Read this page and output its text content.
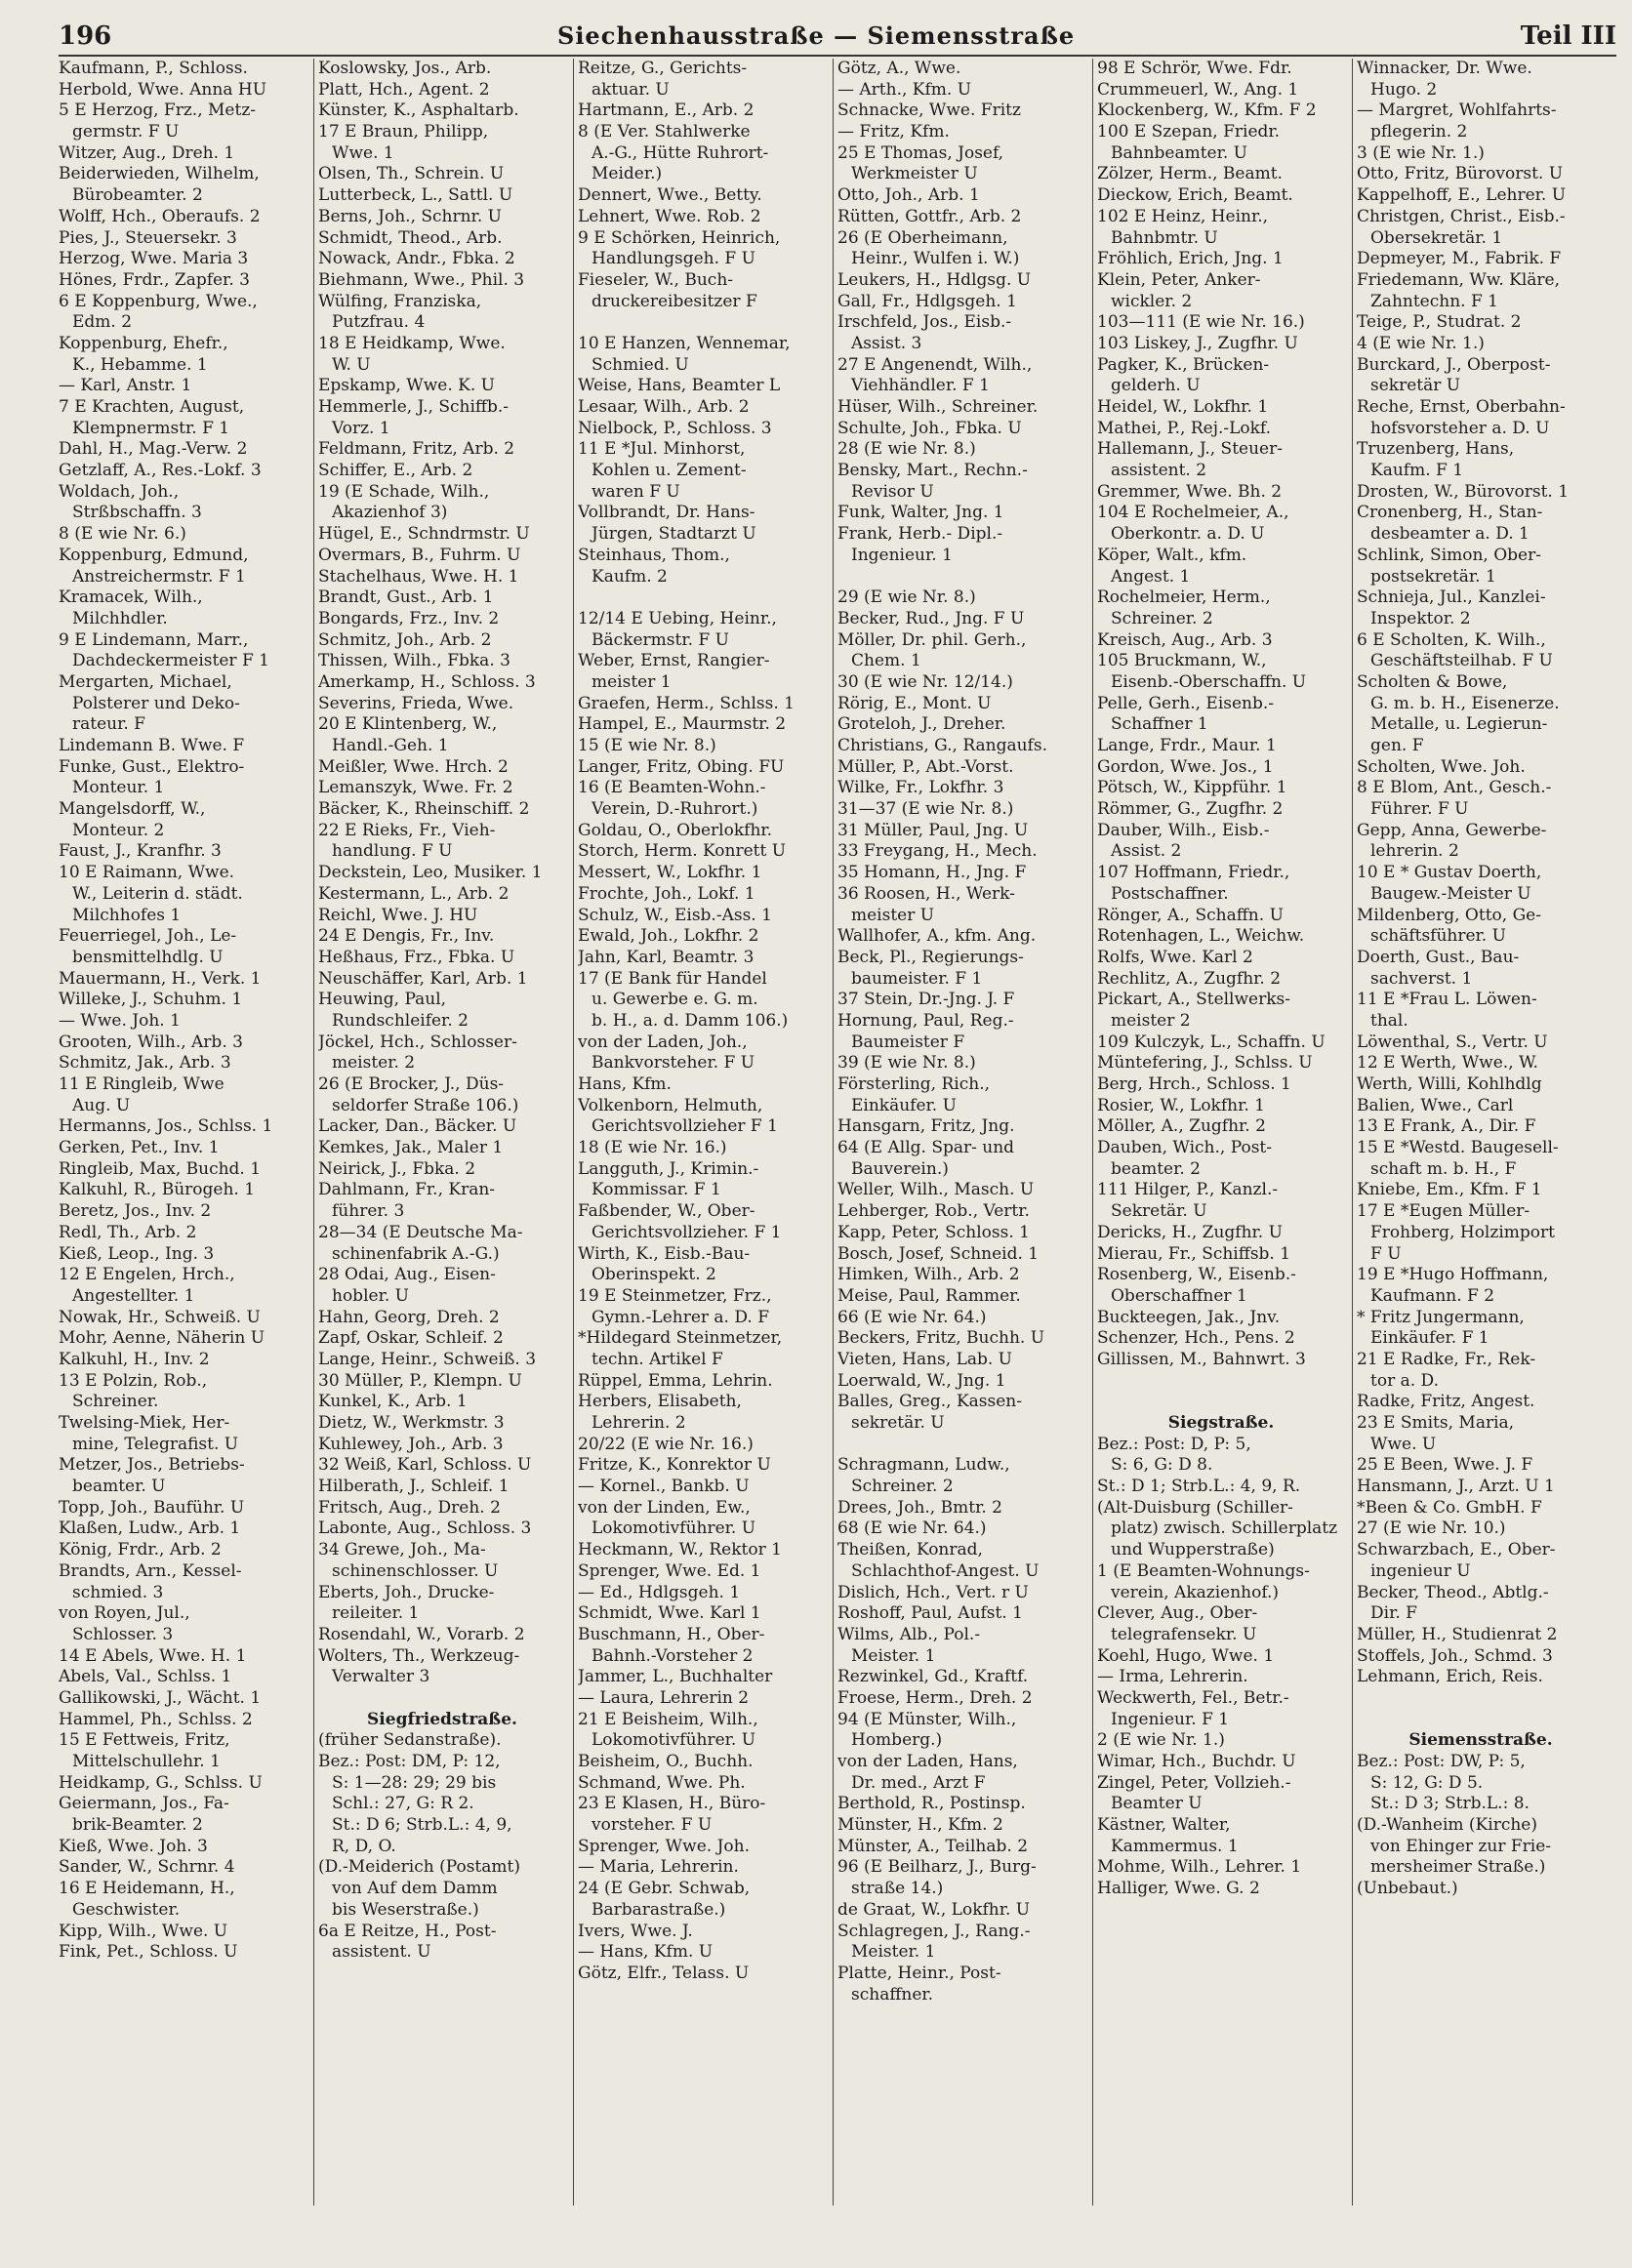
196	Siechenhausstraße — Siemensstraße	Teil III
Kaufmann, P., Schloss.
Herbold, Wwe. Anna HU
5 E Herzog, Frz., Metz-
germstr. F U
Witzer, Aug., Dreh. 1
Beiderwieden, Wilhelm,
Bürobeamter. 2
Wolff, Hch., Oberaufs. 2
Pies, J., Steuersekr. 3
Herzog, Wwe. Maria 3
Hönes, Frdr., Zapfer. 3
6 E Koppenburg, Wwe.,
Edm. 2
Koppenburg, Ehefr.,
K., Hebamme. 1
— Karl, Anstr. 1
7 E Krachten, August,
Klempnermstr. F 1
Dahl, H., Mag.-Verw. 2
Getzlaff, A., Res.-Lokf. 3
Woldach, Joh.,
Strßbschaffn. 3
8 (E wie Nr. 6.)
Koppenburg, Edmund,
Anstreichermstr. F 1
Kramacek, Wilh.,
Milchhdler.
9 E Lindemann, Marr.,
Dachdeckermeister F 1
Mergarten, Michael,
Polsterer und Deko-
rateur. F
Lindemann B. Wwe. F
Funke, Gust., Elektro-
Monteur. 1
Mangelsdorff, W.,
Monteur. 2
Faust, J., Kranfhr. 3
10 E Raimann, Wwe.
W., Leiterin d. städt.
Milchhofes 1
Feuerriegel, Joh., Le-
bensmittelhdlg. U
Mauermann, H., Verk. 1
Willeke, J., Schuhm. 1
— Wwe. Joh. 1
Grooten, Wilh., Arb. 3
Schmitz, Jak., Arb. 3
11 E Ringleib, Wwe
Aug. U
Hermanns, Jos., Schlss. 1
Gerken, Pet., Inv. 1
Ringleib, Max, Buchd. 1
Kalkuhl, R., Bürogeh. 1
Beretz, Jos., Inv. 2
Redl, Th., Arb. 2
Kieß, Leop., Ing. 3
12 E Engelen, Hrch.,
Angestellter. 1
Nowak, Hr., Schweiß. U
Mohr, Aenne, Näherin U
Kalkuhl, H., Inv. 2
13 E Polzin, Rob.,
Schreiner.
Twelsing-Miek, Her-
mine, Telegrafist. U
Metzer, Jos., Betriebs-
beamter. U
Topp, Joh., Bauführ. U
Klaßen, Ludw., Arb. 1
König, Frdr., Arb. 2
Brandts, Arn., Kessel-
schmied. 3
von Royen, Jul.,
Schlosser. 3
14 E Abels, Wwe. H. 1
Abels, Val., Schlss. 1
Gallikowski, J., Wächt. 1
Hammel, Ph., Schlss. 2
15 E Fettweis, Fritz,
Mittelschullehr. 1
Heidkamp, G., Schlss. U
Geiermann, Jos., Fa-
brik-Beamter. 2
Kieß, Wwe. Joh. 3
Sander, W., Schrnr. 4
16 E Heidemann, H.,
Geschwister.
Kipp, Wilh., Wwe. U
Fink, Pet., Schloss. U
Koslowsky, Jos., Arb.
Platt, Hch., Agent. 2
Künster, K., Asphaltarb.
17 E Braun, Philipp,
Wwe. 1
Olsen, Th., Schrein. U
Lutterbeck, L., Sattl. U
Berns, Joh., Schrnr. U
Schmidt, Theod., Arb.
Nowack, Andr., Fbka. 2
Biehmann, Wwe., Phil. 3
Wülfing, Franziska,
Putzfrau. 4
18 E Heidkamp, Wwe.
W. U
Epskamp, Wwe. K. U
Hemmerle, J., Schiffb.-
Vorz. 1
Feldmann, Fritz, Arb. 2
Schiffer, E., Arb. 2
19 (E Schade, Wilh.,
Akazienhof 3)
Hügel, E., Schndrmstr. U
Overmars, B., Fuhrm. U
Stachelhaus, Wwe. H. 1
Brandt, Gust., Arb. 1
Bongards, Frz., Inv. 2
Schmitz, Joh., Arb. 2
Thissen, Wilh., Fbka. 3
Amerkamp, H., Schloss. 3
Severins, Frieda, Wwe.
20 E Klintenberg, W.,
Handl.-Geh. 1
Meißler, Wwe. Hrch. 2
Lemanszyk, Wwe. Fr. 2
Bäcker, K., Rheinschiff. 2
22 E Rieks, Fr., Vieh-
handlung. F U
Deckstein, Leo, Musiker. 1
Kestermann, L., Arb. 2
Reichl, Wwe. J. HU
24 E Dengis, Fr., Inv.
Heßhaus, Frz., Fbka. U
Neuschäffer, Karl, Arb. 1
Heuwing, Paul,
Rundschleifer. 2
Jöckel, Hch., Schlosser-
meister. 2
26 (E Brocker, J., Düs-
seldorfer Straße 106.)
Lacker, Dan., Bäcker. U
Kemkes, Jak., Maler 1
Neirick, J., Fbka. 2
Dahlmann, Fr., Kran-
führer. 3
28—34 (E Deutsche Ma-
schinenfabrik A.-G.)
28 Odai, Aug., Eisen-
hobler. U
Hahn, Georg, Dreh. 2
Zapf, Oskar, Schleif. 2
Lange, Heinr., Schweiß. 3
30 Müller, P., Klempn. U
Kunkel, K., Arb. 1
Dietz, W., Werkmstr. 3
Kuhlewey, Joh., Arb. 3
32 Weiß, Karl, Schloss. U
Hilberath, J., Schleif. 1
Fritsch, Aug., Dreh. 2
Labonte, Aug., Schloss. 3
34 Grewe, Joh., Ma-
schinenschlosser. U
Eberts, Joh., Drucke-
reileiter. 1
Rosendahl, W., Vorarb. 2
Wolters, Th., Werkzeug-
Verwalter 3

Siegfriedstraße.
(früher Sedanstraße).
Bez.: Post: DM, P: 12,
S: 1—28: 29; 29 bis
Schl.: 27, G: R 2.
St.: D 6; Strb.L.: 4, 9,
R, D, O.
(D.-Meiderich (Postamt)
von Auf dem Damm
bis Weserstraße.)
6a E Reitze, H., Post-
assistent. U
Reitze, G., Gerichts-
aktuar. U
Hartmann, E., Arb. 2
8 (E Ver. Stahlwerke
A.-G., Hütte Ruhrort-
Meider.)
Dennert, Wwe., Betty.
Lehnert, Wwe. Rob. 2
9 E Schörken, Heinrich,
Handlungsgeh. F U
Fieseler, W., Buch-
druckereibesitzer F

10 E Hanzen, Wennemar,
Schmied. U
Weise, Hans, Beamter L
Lesaar, Wilh., Arb. 2
Nielbock, P., Schloss. 3
11 E *Jul. Minhorst,
Kohlen u. Zement-
waren F U
Vollbrandt, Dr. Hans-
Jürgen, Stadtarzt U
Steinhaus, Thom.,
Kaufm. 2

12/14 E Uebing, Heinr.,
Bäckermstr. F U
Weber, Ernst, Rangier-
meister 1
Graefen, Herm., Schlss. 1
Hampel, E., Maurmstr. 2
15 (E wie Nr. 8.)
Langer, Fritz, Obing. FU
16 (E Beamten-Wohn.-
Verein, D.-Ruhrort.)
Goldau, O., Oberlokfhr.
Storch, Herm. Konrett U
Messert, W., Lokfhr. 1
Frochte, Joh., Lokf. 1
Schulz, W., Eisb.-Ass. 1
Ewald, Joh., Lokfhr. 2
Jahn, Karl, Beamtr. 3
17 (E Bank für Handel
u. Gewerbe e. G. m.
b. H., a. d. Damm 106.)
von der Laden, Joh.,
Bankvorsteher. F U
Hans, Kfm.
Volkenborn, Helmuth,
Gerichtsvollzieher F 1
18 (E wie Nr. 16.)
Langguth, J., Krimin.-
Kommissar. F 1
Faßbender, W., Ober-
Gerichtsvollzieher. F 1
Wirth, K., Eisb.-Bau-
Oberinspekt. 2
19 E Steinmetzer, Frz.,
Gymn.-Lehrer a. D. F
*Hildegard Steinmetzer,
techn. Artikel F
Rüppel, Emma, Lehrin.
Herbers, Elisabeth,
Lehrerin. 2
20/22 (E wie Nr. 16.)
Fritze, K., Konrektor U
— Kornel., Bankb. U
von der Linden, Ew.,
Lokomotivführer. U
Heckmann, W., Rektor 1
Sprenger, Wwe. Ed. 1
— Ed., Hdlgsgeh. 1
Schmidt, Wwe. Karl 1
Buschmann, H., Ober-
Bahnh.-Vorsteher 2
Jammer, L., Buchhalter
— Laura, Lehrerin 2
21 E Beisheim, Wilh.,
Lokomotivführer. U
Beisheim, O., Buchh.
Schmand, Wwe. Ph.
23 E Klasen, H., Büro-
vorsteher. F U
Sprenger, Wwe. Joh.
— Maria, Lehrerin.
24 (E Gebr. Schwab,
Barbarastraße.)
Ivers, Wwe. J.
— Hans, Kfm. U
Götz, Elfr., Telass. U
Götz, A., Wwe.
— Arth., Kfm. U
Schnacke, Wwe. Fritz
— Fritz, Kfm.
25 E Thomas, Josef,
Werkmeister U
Otto, Joh., Arb. 1
Rütten, Gottfr., Arb. 2
26 (E Oberheimann,
Heinr., Wulfen i. W.)
Leukers, H., Hdlgsg. U
Gall, Fr., Hdlgsgeh. 1
Irschfeld, Jos., Eisb.-
Assist. 3
27 E Angenendt, Wilh.,
Viehhändler. F 1
Hüser, Wilh., Schreiner.
Schulte, Joh., Fbka. U
28 (E wie Nr. 8.)
Bensky, Mart., Rechn.-
Revisor U
Funk, Walter, Jng. 1
Frank, Herb.- Dipl.-
Ingenieur. 1

29 (E wie Nr. 8.)
Becker, Rud., Jng. F U
Möller, Dr. phil. Gerh.,
Chem. 1
30 (E wie Nr. 12/14.)
Rörig, E., Mont. U
Groteloh, J., Dreher.
Christians, G., Rangaufs.
Müller, P., Abt.-Vorst.
Wilke, Fr., Lokfhr. 3
31—37 (E wie Nr. 8.)
31 Müller, Paul, Jng. U
33 Freygang, H., Mech.
35 Homann, H., Jng. F
36 Roosen, H., Werk-
meister U
Wallhofer, A., kfm. Ang.
Beck, Pl., Regierungs-
baumeister. F 1
37 Stein, Dr.-Jng. J. F
Hornung, Paul, Reg.-
Baumeister F
39 (E wie Nr. 8.)
Försterling, Rich.,
Einkäufer. U
Hansgarn, Fritz, Jng.
64 (E Allg. Spar- und
Bauverein.)
Weller, Wilh., Masch. U
Lehberger, Rob., Vertr.
Kapp, Peter, Schloss. 1
Bosch, Josef, Schneid. 1
Himken, Wilh., Arb. 2
Meise, Paul, Rammer.
66 (E wie Nr. 64.)
Beckers, Fritz, Buchh. U
Vieten, Hans, Lab. U
Loerwald, W., Jng. 1
Balles, Greg., Kassen-
sekretär. U

Schragmann, Ludw.,
Schreiner. 2
Drees, Joh., Bmtr. 2
68 (E wie Nr. 64.)
Theißen, Konrad,
Schlachthof-Angest. U
Dislich, Hch., Vert. r U
Roshoff, Paul, Aufst. 1
Wilms, Alb., Pol.-
Meister. 1
Rezwinkel, Gd., Kraftf.
Froese, Herm., Dreh. 2
94 (E Münster, Wilh.,
Homberg.)
von der Laden, Hans,
Dr. med., Arzt F
Berthold, R., Postinsp.
Münster, H., Kfm. 2
Münster, A., Teilhab. 2
96 (E Beilharz, J., Burg-
straße 14.)
de Graat, W., Lokfhr. U
Schlagregen, J., Rang.-
Meister. 1
Platte, Heinr., Post-
schaffner.
98 E Schrör, Wwe. Fdr.
Crummeuerl, W., Ang. 1
Klockenberg, W., Kfm. F 2
100 E Szepan, Friedr.
Bahnbeamter. U
Zölzer, Herm., Beamt.
Dieckow, Erich, Beamt.
102 E Heinz, Heinr.,
Bahnbmtr. U
Fröhlich, Erich, Jng. 1
Klein, Peter, Anker-
wickler. 2
103—111 (E wie Nr. 16.)
103 Liskey, J., Zugfhr. U
Pagker, K., Brücken-
gelderh. U
Heidel, W., Lokfhr. 1
Mathei, P., Rej.-Lokf.
Hallemann, J., Steuer-
assistent. 2
Gremmer, Wwe. Bh. 2
104 E Rochelmeier, A.,
Oberkontr. a. D. U
Köper, Walt., kfm.
Angest. 1
Rochelmeier, Herm.,
Schreiner. 2
Kreisch, Aug., Arb. 3
105 Bruckmann, W.,
Eisenb.-Oberschaffn. U
Pelle, Gerh., Eisenb.-
Schaffner 1
Lange, Frdr., Maur. 1
Gordon, Wwe. Jos., 1
Pötsch, W., Kippführ. 1
Römmer, G., Zugfhr. 2
Dauber, Wilh., Eisb.-
Assist. 2
107 Hoffmann, Friedr.,
Postschaffner.
Rönger, A., Schaffn. U
Rotenhagen, L., Weichw.
Rolfs, Wwe. Karl 2
Rechlitz, A., Zugfhr. 2
Pickart, A., Stellwerks-
meister 2
109 Kulczyk, L., Schaffn. U
Müntefering, J., Schlss. U
Berg, Hrch., Schloss. 1
Rosier, W., Lokfhr. 1
Möller, A., Zugfhr. 2
Dauben, Wich., Post-
beamter. 2
111 Hilger, P., Kanzl.-
Sekretär. U
Dericks, H., Zugfhr. U
Mierau, Fr., Schiffsb. 1
Rosenberg, W., Eisenb.-
Oberschaffner 1
Buckteegen, Jak., Jnv.
Schenzer, Hch., Pens. 2
Gillissen, M., Bahnwrt. 3

Siegstraße.
Bez.: Post: D, P: 5,
S: 6, G: D 8.
St.: D 1; Strb.L.: 4, 9, R.
(Alt-Duisburg (Schiller-
platz) zwisch. Schillerplatz
und Wupperstraße)
1 (E Beamten-Wohnungs-
verein, Akazienhof.)
Clever, Aug., Ober-
telegrafensekr. U
Koehl, Hugo, Wwe. 1
— Irma, Lehrerin.
Weckwerth, Fel., Betr.-
Ingenieur. F 1
2 (E wie Nr. 1.)
Wimar, Hch., Buchdr. U
Zingel, Peter, Vollzieh.-
Beamter U
Kästner, Walter,
Kammermus. 1
Mohme, Wilh., Lehrer. 1
Halliger, Wwe. G. 2
Winnacker, Dr. Wwe.
Hugo. 2
— Margret, Wohlfahrts-
pflegerin. 2
3 (E wie Nr. 1.)
Otto, Fritz, Bürovorst. U
Kappelhoff, E., Lehrer. U
Christgen, Christ., Eisb.-
Obersekretär. 1
Depmeyer, M., Fabrik. F
Friedemann, Ww. Kläre,
Zahntechn. F 1
Teige, P., Studrat. 2
4 (E wie Nr. 1.)
Burckard, J., Oberpost-
sekretär U
Reche, Ernst, Oberbahn-
hofsvorsteher a. D. U
Truzenberg, Hans,
Kaufm. F 1
Drosten, W., Bürovorst. 1
Cronenberg, H., Stan-
desbeamter a. D. 1
Schlink, Simon, Ober-
postsekretär. 1
Schnieja, Jul., Kanzlei-
Inspektor. 2
6 E Scholten, K. Wilh.,
Geschäftsteilhab. F U
Scholten & Bowe,
G. m. b. H., Eisenerze.
Metalle, u. Legierun-
gen. F
Scholten, Wwe. Joh.
8 E Blom, Ant., Gesch.-
Führer. F U
Gepp, Anna, Gewerbe-
lehrerin. 2
10 E * Gustav Doerth,
Baugew.-Meister U
Mildenberg, Otto, Ge-
schäftsführer. U
Doerth, Gust., Bau-
sachverst. 1
11 E *Frau L. Löwen-
thal.
Löwenthal, S., Vertr. U
12 E Werth, Wwe., W.
Werth, Willi, Kohlhdlg
Balien, Wwe., Carl
13 E Frank, A., Dir. F
15 E *Westd. Baugesell-
schaft m. b. H., F
Kniebe, Em., Kfm. F 1
17 E *Eugen Müller-
Frohberg, Holzimport
F U
19 E *Hugo Hoffmann,
Kaufmann. F 2
* Fritz Jungermann,
Einkäufer. F 1
21 E Radke, Fr., Rek-
tor a. D.
Radke, Fritz, Angest.
23 E Smits, Maria,
Wwe. U
25 E Been, Wwe. J. F
Hansmann, J., Arzt. U 1
*Been & Co. GmbH. F
27 (E wie Nr. 10.)
Schwarzbach, E., Ober-
ingenieur U
Becker, Theod., Abtlg.-
Dir. F
Müller, H., Studienrat 2
Stoffels, Joh., Schmd. 3
Lehmann, Erich, Reis.

Siemensstraße.
Bez.: Post: DW, P: 5,
S: 12, G: D 5.
St.: D 3; Strb.L.: 8.
(D.-Wanheim (Kirche)
von Ehinger zur Frie-
mersheimer Straße.)
(Unbebaut.)
